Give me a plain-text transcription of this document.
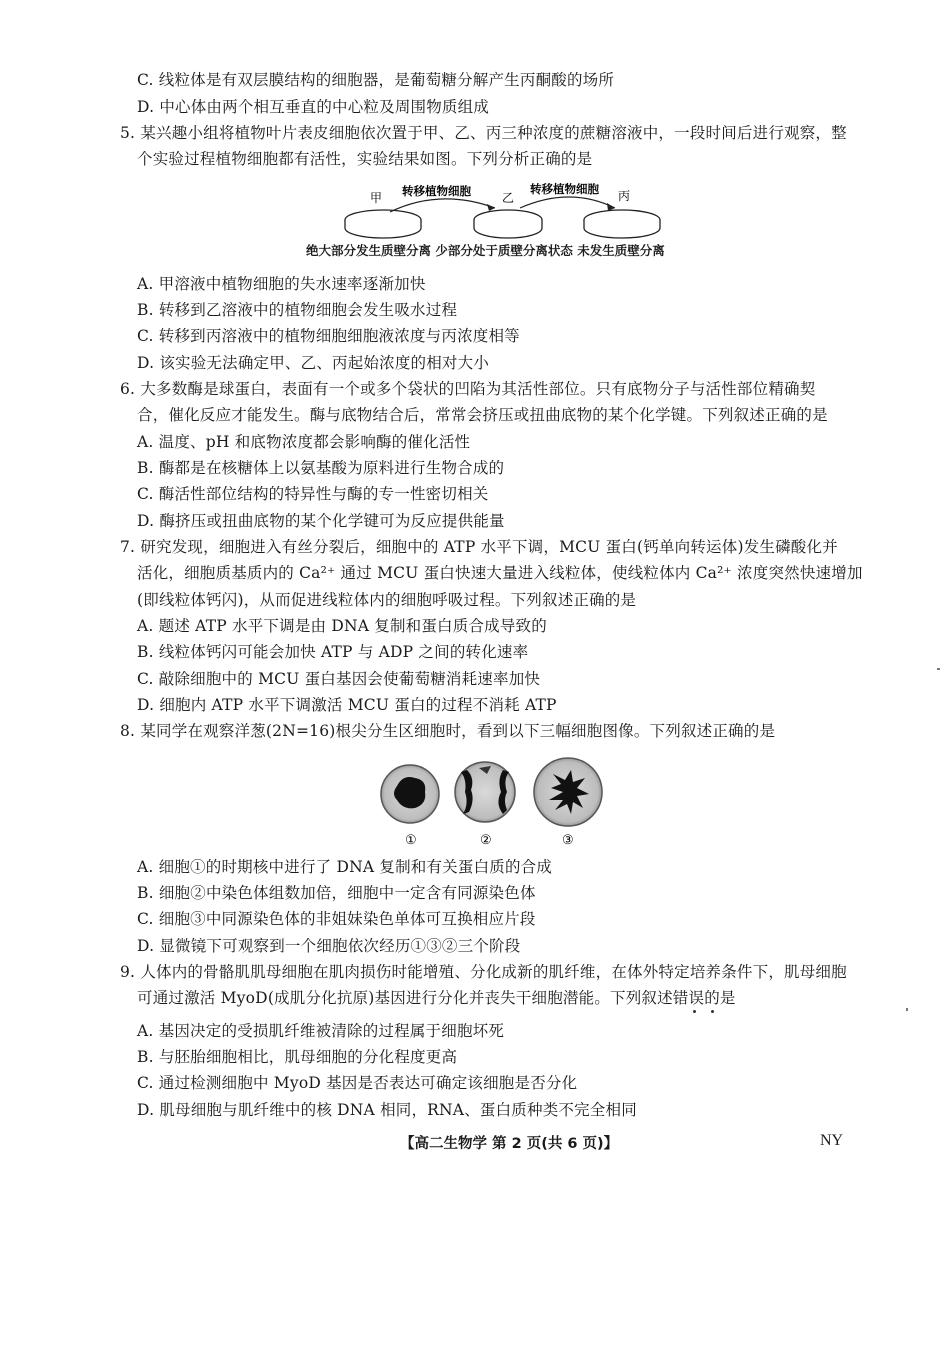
C. 线粒体是有双层膜结构的细胞器，是葡萄糖分解产生丙酮酸的场所
D. 中心体由两个相互垂直的中心粒及周围物质组成
5. 某兴趣小组将植物叶片表皮细胞依次置于甲、乙、丙三种浓度的蔗糖溶液中，一段时间后进行观察，整
个实验过程植物细胞都有活性，实验结果如图。下列分析正确的是
甲	乙	丙
转移植物细胞	转移植物细胞
绝大部分发生质壁分离 少部分处于质壁分离状态 未发生质壁分离
A. 甲溶液中植物细胞的失水速率逐渐加快
B. 转移到乙溶液中的植物细胞会发生吸水过程
C. 转移到丙溶液中的植物细胞细胞液浓度与丙浓度相等
D. 该实验无法确定甲、乙、丙起始浓度的相对大小
6. 大多数酶是球蛋白，表面有一个或多个袋状的凹陷为其活性部位。只有底物分子与活性部位精确契
合，催化反应才能发生。酶与底物结合后，常常会挤压或扭曲底物的某个化学键。下列叙述正确的是
A. 温度、pH 和底物浓度都会影响酶的催化活性
B. 酶都是在核糖体上以氨基酸为原料进行生物合成的
C. 酶活性部位结构的特异性与酶的专一性密切相关
D. 酶挤压或扭曲底物的某个化学键可为反应提供能量
7. 研究发现，细胞进入有丝分裂后，细胞中的 ATP 水平下调，MCU 蛋白(钙单向转运体)发生磷酸化并
活化，细胞质基质内的 Ca²⁺ 通过 MCU 蛋白快速大量进入线粒体，使线粒体内 Ca²⁺ 浓度突然快速增加
(即线粒体钙闪)，从而促进线粒体内的细胞呼吸过程。下列叙述正确的是
A. 题述 ATP 水平下调是由 DNA 复制和蛋白质合成导致的
B. 线粒体钙闪可能会加快 ATP 与 ADP 之间的转化速率
C. 敲除细胞中的 MCU 蛋白基因会使葡萄糖消耗速率加快
D. 细胞内 ATP 水平下调激活 MCU 蛋白的过程不消耗 ATP
8. 某同学在观察洋葱(2N=16)根尖分生区细胞时，看到以下三幅细胞图像。下列叙述正确的是
①	②	③
A. 细胞①的时期核中进行了 DNA 复制和有关蛋白质的合成
B. 细胞②中染色体组数加倍，细胞中一定含有同源染色体
C. 细胞③中同源染色体的非姐妹染色单体可互换相应片段
D. 显微镜下可观察到一个细胞依次经历①③②三个阶段
9. 人体内的骨骼肌肌母细胞在肌肉损伤时能增殖、分化成新的肌纤维，在体外特定培养条件下，肌母细胞
可通过激活 MyoD(成肌分化抗原)基因进行分化并丧失干细胞潜能。下列叙述错误的是
A. 基因决定的受损肌纤维被清除的过程属于细胞坏死
B. 与胚胎细胞相比，肌母细胞的分化程度更高
C. 通过检测细胞中 MyoD 基因是否表达可确定该细胞是否分化
D. 肌母细胞与肌纤维中的核 DNA 相同，RNA、蛋白质种类不完全相同
【高二生物学 第 2 页(共 6 页)】	NY
